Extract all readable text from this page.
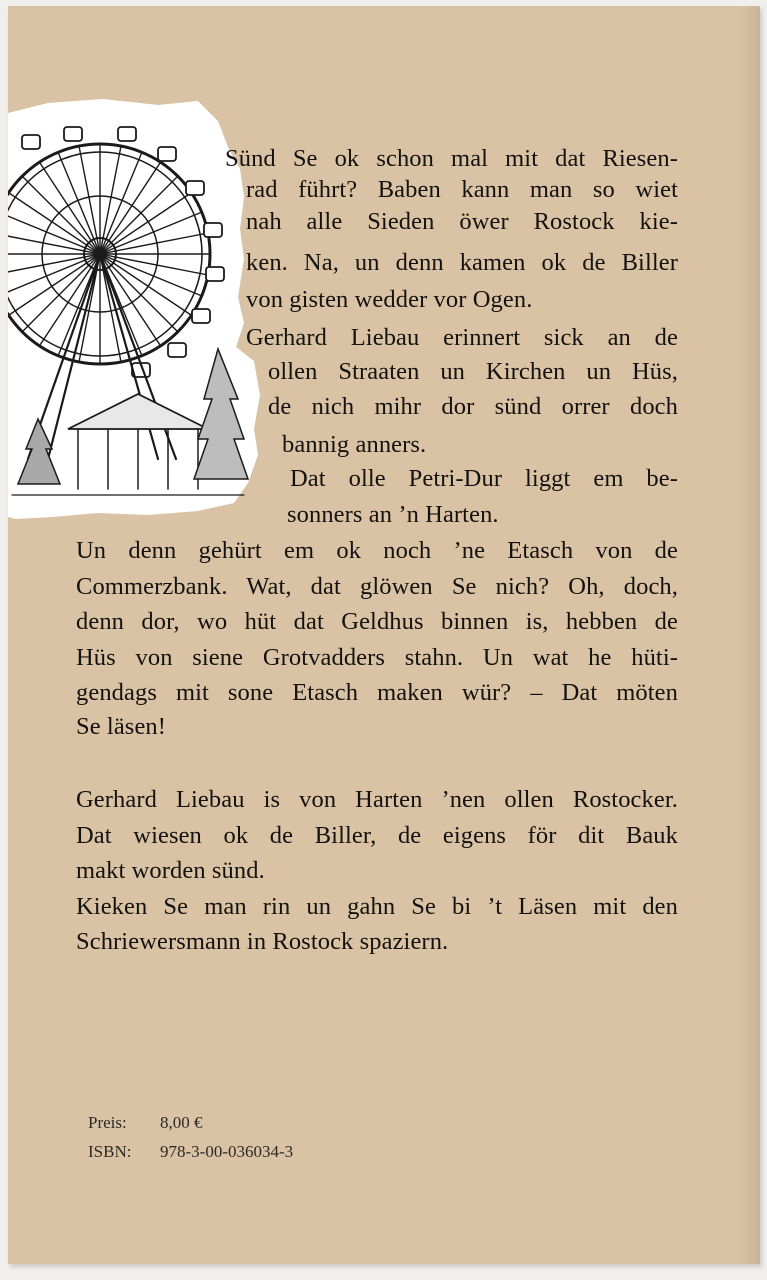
Sünd Se ok schon mal mit dat Riesen-
rad führt? Baben kann man so wiet
nah alle Sieden öwer Rostock kie-
ken. Na, un denn kamen ok de Biller
von gisten wedder vor Ogen.
Gerhard Liebau erinnert sick an de
ollen Straaten un Kirchen un Hüs,
de nich mihr dor sünd orrer doch
bannig anners.
Dat olle Petri-Dur liggt em be-
sonners an ’n Harten.
Un denn gehürt em ok noch ’ne Etasch von de
Commerzbank. Wat, dat glöwen Se nich? Oh, doch,
denn dor, wo hüt dat Geldhus binnen is, hebben de
Hüs von siene Grotvadders stahn. Un wat he hüti-
gendags mit sone Etasch maken wür? – Dat möten
Se läsen!
Gerhard Liebau is von Harten ’nen ollen Rostocker.
Dat wiesen ok de Biller, de eigens för dit Bauk
makt worden sünd.
Kieken Se man rin un gahn Se bi ’t Läsen mit den
Schriewersmann in Rostock spaziern.
Preis: 8,00 €
ISBN: 978-3-00-036034-3
